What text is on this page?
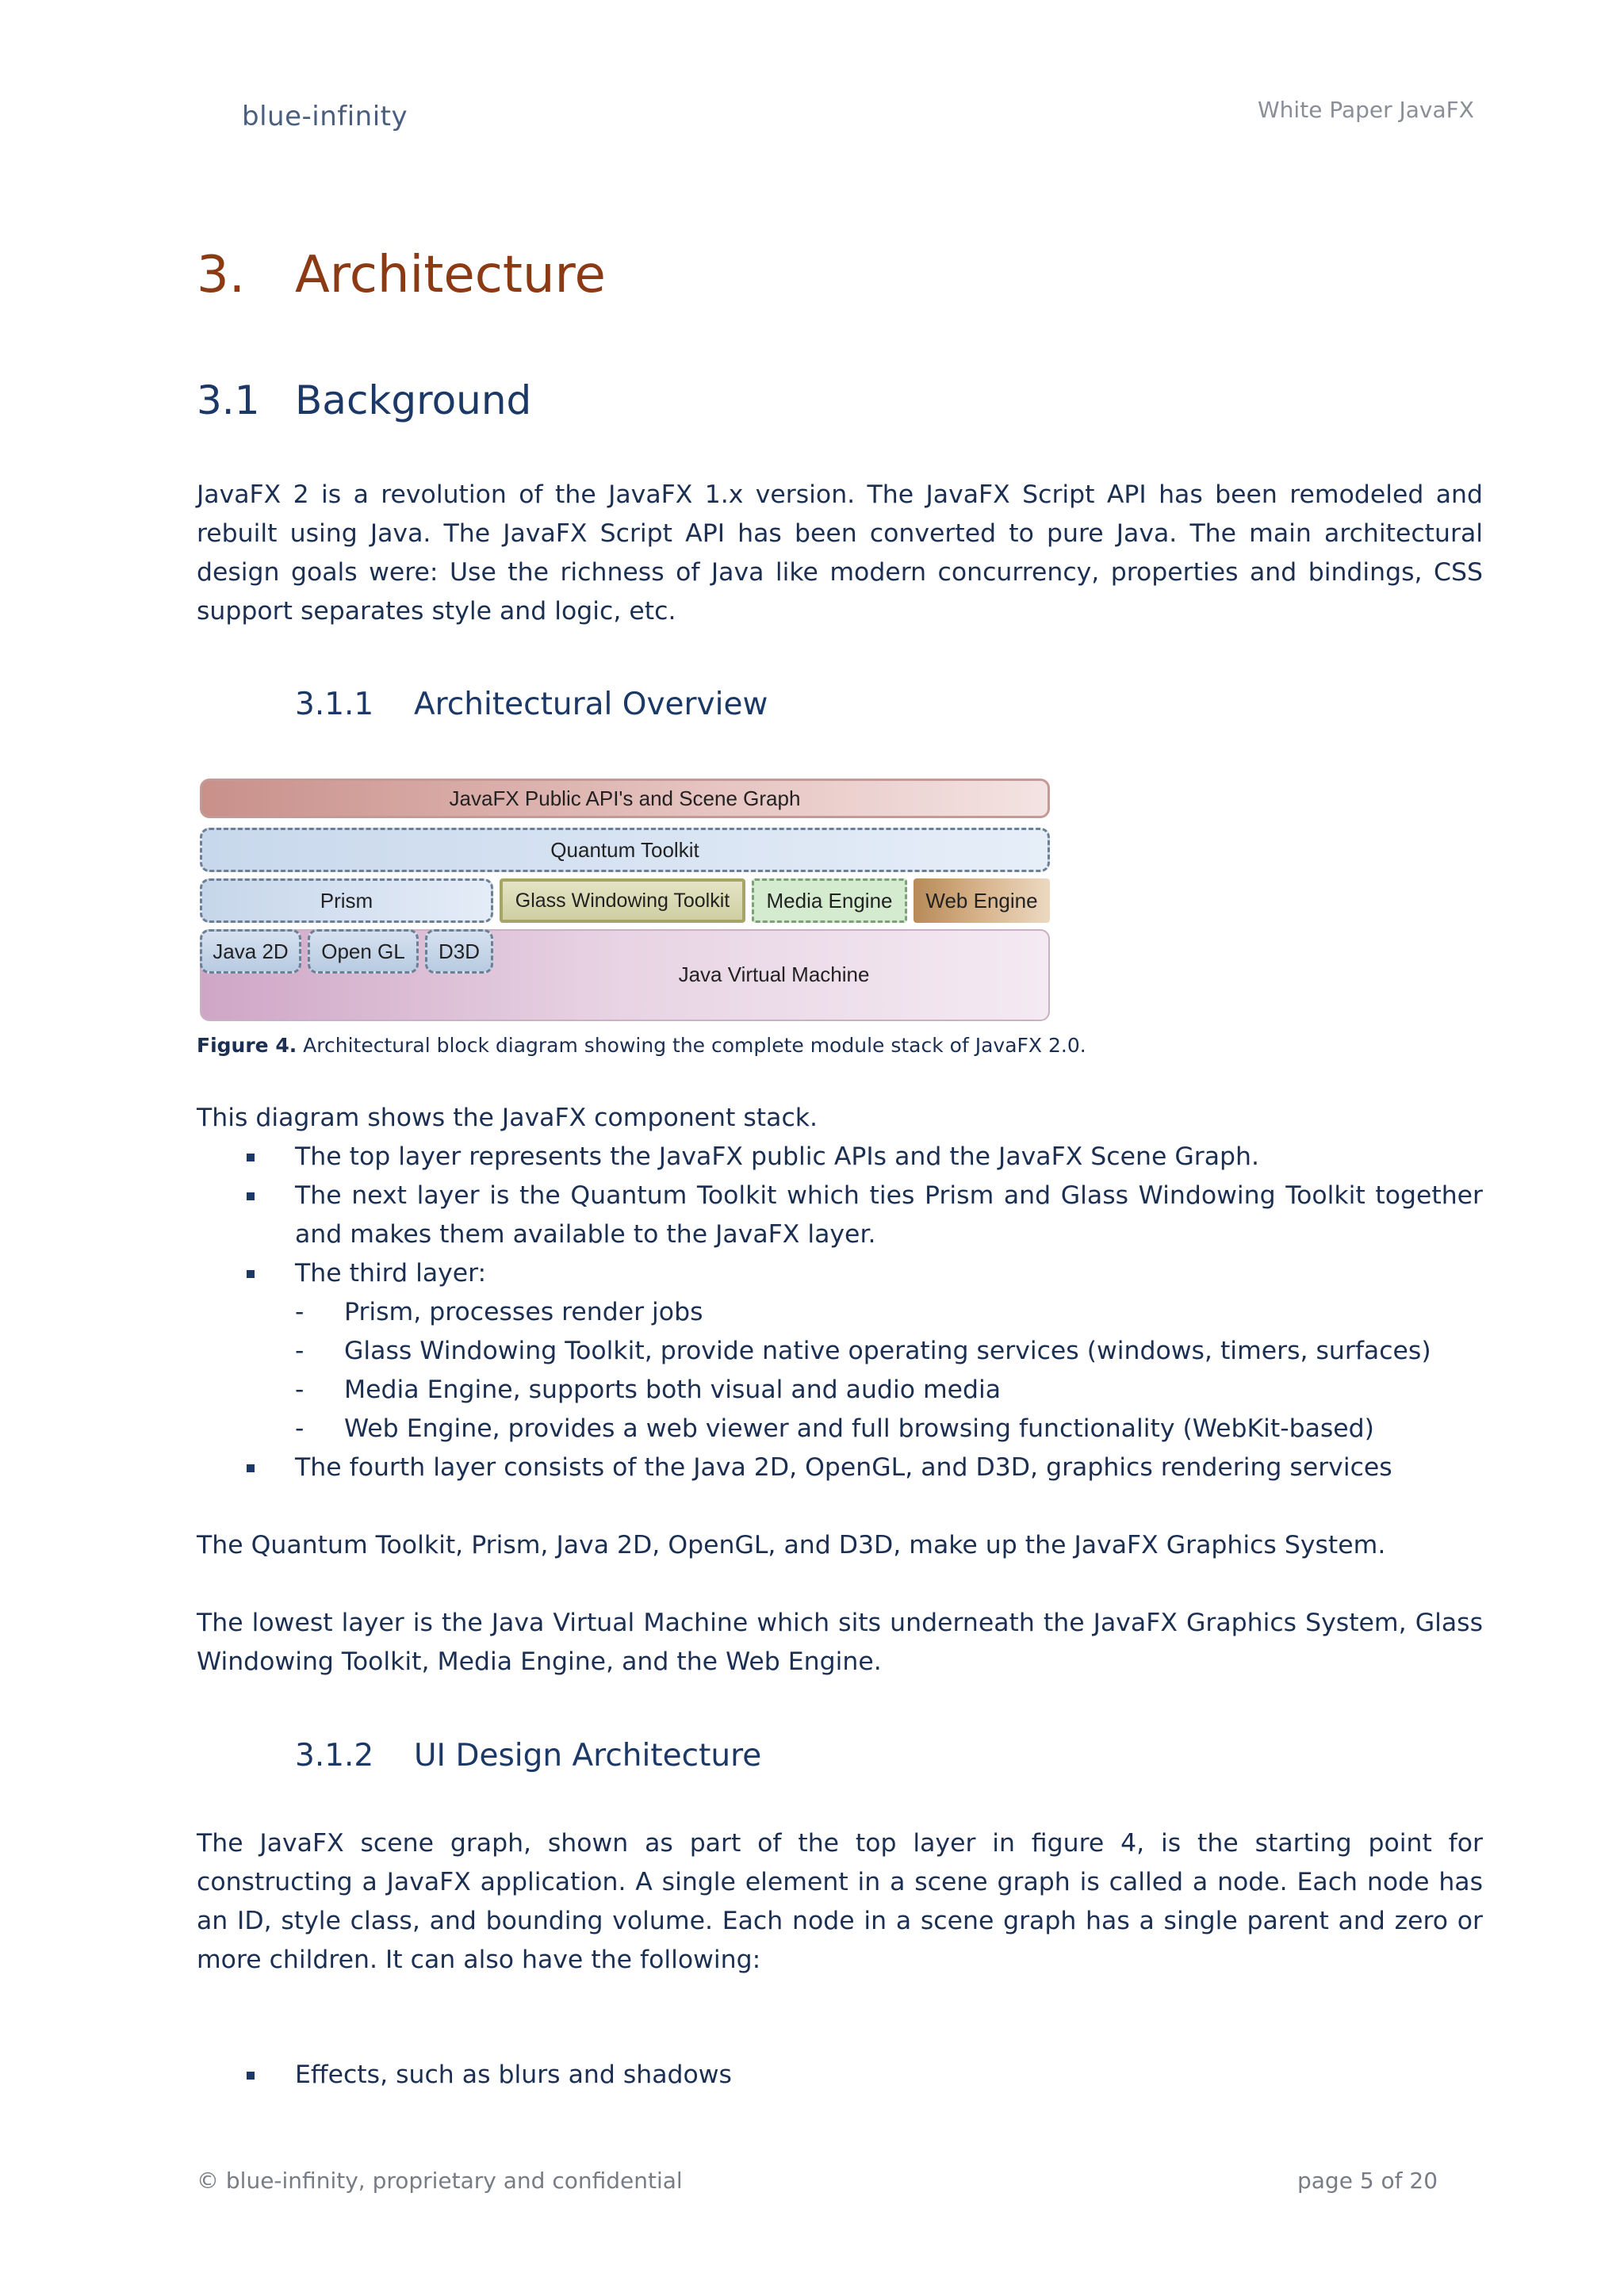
blue-infinity	White Paper JavaFX
3. Architecture
3.1 Background
JavaFX 2 is a revolution of the JavaFX 1.x version. The JavaFX Script API has been remodeled and rebuilt using Java. The JavaFX Script API has been converted to pure Java. The main architectural design goals were: Use the richness of Java like modern concurrency, properties and bindings, CSS support separates style and logic, etc.
3.1.1 Architectural Overview
JavaFX Public API's and Scene Graph
Quantum Toolkit
Prism	Glass Windowing Toolkit	Media Engine	Web Engine
Java Virtual Machine
Java 2D	Open GL	D3D
Figure 4. Architectural block diagram showing the complete module stack of JavaFX 2.0.
This diagram shows the JavaFX component stack.
The top layer represents the JavaFX public APIs and the JavaFX Scene Graph.
The next layer is the Quantum Toolkit which ties Prism and Glass Windowing Toolkit together and makes them available to the JavaFX layer.
The third layer:
- Prism, processes render jobs
- Glass Windowing Toolkit, provide native operating services (windows, timers, surfaces)
- Media Engine, supports both visual and audio media
- Web Engine, provides a web viewer and full browsing functionality (WebKit-based)
The fourth layer consists of the Java 2D, OpenGL, and D3D, graphics rendering services
The Quantum Toolkit, Prism, Java 2D, OpenGL, and D3D, make up the JavaFX Graphics System.
The lowest layer is the Java Virtual Machine which sits underneath the JavaFX Graphics System, Glass Windowing Toolkit, Media Engine, and the Web Engine.
3.1.2 UI Design Architecture
The JavaFX scene graph, shown as part of the top layer in figure 4, is the starting point for constructing a JavaFX application. A single element in a scene graph is called a node. Each node has an ID, style class, and bounding volume. Each node in a scene graph has a single parent and zero or more children. It can also have the following:
Effects, such as blurs and shadows
© blue-infinity, proprietary and confidential	page 5 of 20
